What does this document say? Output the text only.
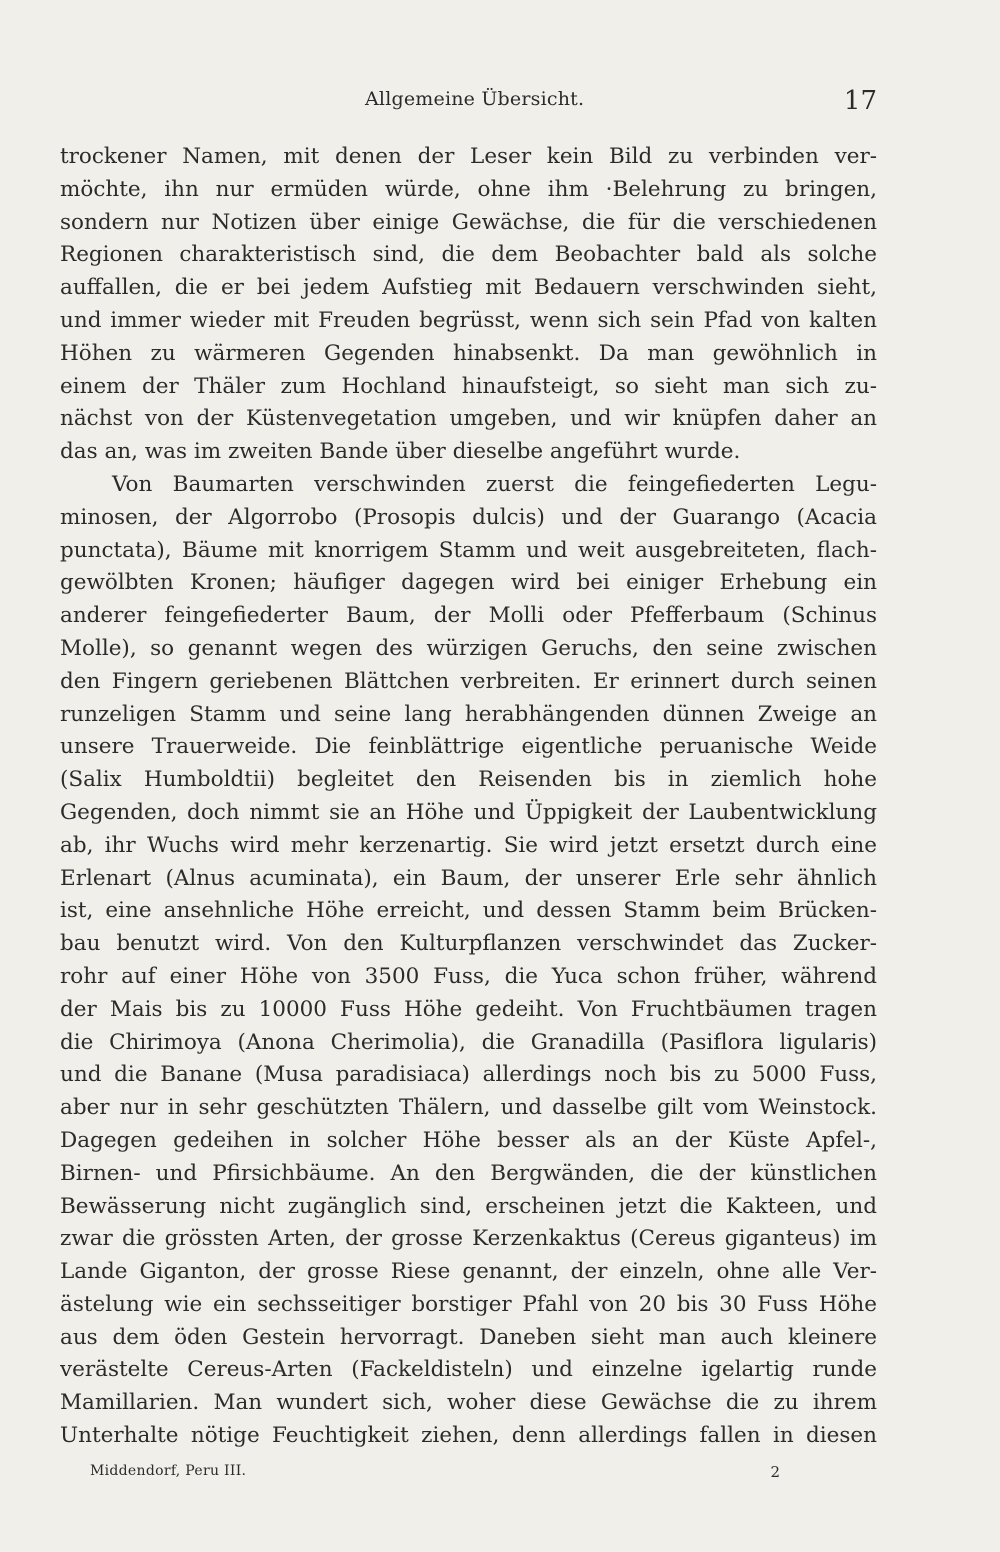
Allgemeine Übersicht.	17
trockener Namen, mit denen der Leser kein Bild zu verbinden ver-
möchte, ihn nur ermüden würde, ohne ihm ·Belehrung zu bringen,
sondern nur Notizen über einige Gewächse, die für die verschiedenen
Regionen charakteristisch sind, die dem Beobachter bald als solche
auffallen, die er bei jedem Aufstieg mit Bedauern verschwinden sieht,
und immer wieder mit Freuden begrüsst, wenn sich sein Pfad von kalten
Höhen zu wärmeren Gegenden hinabsenkt. Da man gewöhnlich in
einem der Thäler zum Hochland hinaufsteigt, so sieht man sich zu-
nächst von der Küstenvegetation umgeben, und wir knüpfen daher an
das an, was im zweiten Bande über dieselbe angeführt wurde.
Von Baumarten verschwinden zuerst die feingefiederten Legu-
minosen, der Algorrobo (Prosopis dulcis) und der Guarango (Acacia
punctata), Bäume mit knorrigem Stamm und weit ausgebreiteten, flach-
gewölbten Kronen; häufiger dagegen wird bei einiger Erhebung ein
anderer feingefiederter Baum, der Molli oder Pfefferbaum (Schinus
Molle), so genannt wegen des würzigen Geruchs, den seine zwischen
den Fingern geriebenen Blättchen verbreiten. Er erinnert durch seinen
runzeligen Stamm und seine lang herabhängenden dünnen Zweige an
unsere Trauerweide. Die feinblättrige eigentliche peruanische Weide
(Salix Humboldtii) begleitet den Reisenden bis in ziemlich hohe
Gegenden, doch nimmt sie an Höhe und Üppigkeit der Laubentwicklung
ab, ihr Wuchs wird mehr kerzenartig. Sie wird jetzt ersetzt durch eine
Erlenart (Alnus acuminata), ein Baum, der unserer Erle sehr ähnlich
ist, eine ansehnliche Höhe erreicht, und dessen Stamm beim Brücken-
bau benutzt wird. Von den Kulturpflanzen verschwindet das Zucker-
rohr auf einer Höhe von 3500 Fuss, die Yuca schon früher, während
der Mais bis zu 10000 Fuss Höhe gedeiht. Von Fruchtbäumen tragen
die Chirimoya (Anona Cherimolia), die Granadilla (Pasiflora ligularis)
und die Banane (Musa paradisiaca) allerdings noch bis zu 5000 Fuss,
aber nur in sehr geschützten Thälern, und dasselbe gilt vom Weinstock.
Dagegen gedeihen in solcher Höhe besser als an der Küste Apfel-,
Birnen- und Pfirsichbäume. An den Bergwänden, die der künstlichen
Bewässerung nicht zugänglich sind, erscheinen jetzt die Kakteen, und
zwar die grössten Arten, der grosse Kerzenkaktus (Cereus giganteus) im
Lande Giganton, der grosse Riese genannt, der einzeln, ohne alle Ver-
ästelung wie ein sechsseitiger borstiger Pfahl von 20 bis 30 Fuss Höhe
aus dem öden Gestein hervorragt. Daneben sieht man auch kleinere
verästelte Cereus-Arten (Fackeldisteln) und einzelne igelartig runde
Mamillarien. Man wundert sich, woher diese Gewächse die zu ihrem
Unterhalte nötige Feuchtigkeit ziehen, denn allerdings fallen in diesen
Middendorf, Peru III.	2
